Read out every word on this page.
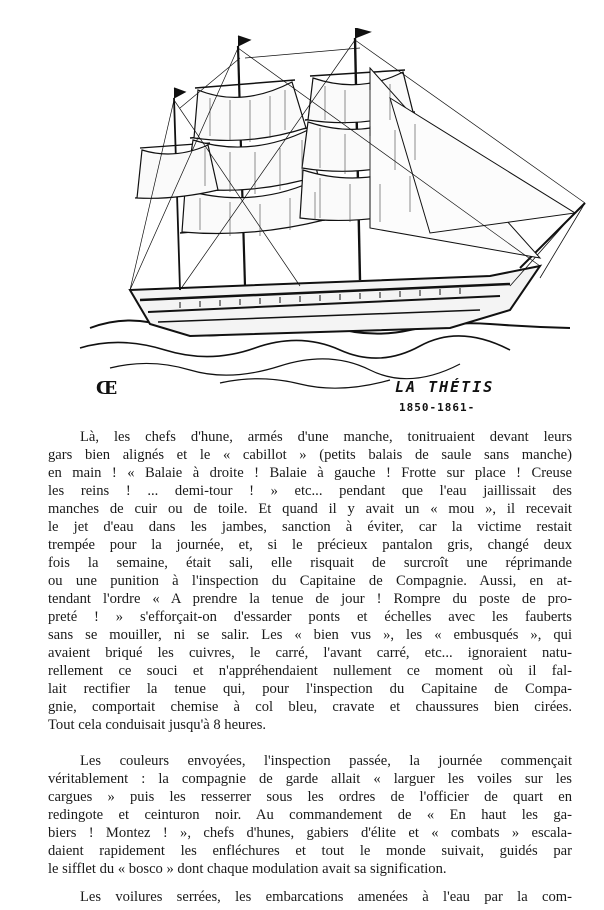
Œ	LA THÉTIS
1850-1861-
Là, les chefs d'hune, armés d'une manche, tonitruaient devant leurs
gars bien alignés et le « cabillot » (petits balais de saule sans manche)
en main ! « Balaie à droite ! Balaie à gauche ! Frotte sur place ! Creuse
les reins ! ... demi-tour ! » etc... pendant que l'eau jaillissait des
manches de cuir ou de toile. Et quand il y avait un « mou », il recevait
le jet d'eau dans les jambes, sanction à éviter, car la victime restait
trempée pour la journée, et, si le précieux pantalon gris, changé deux
fois la semaine, était sali, elle risquait de surcroît une réprimande
ou une punition à l'inspection du Capitaine de Compagnie. Aussi, en at-
tendant l'ordre « A prendre la tenue de jour ! Rompre du poste de pro-
preté ! » s'efforçait-on d'essarder ponts et échelles avec les fauberts
sans se mouiller, ni se salir. Les « bien vus », les « embusqués », qui
avaient briqué les cuivres, le carré, l'avant carré, etc... ignoraient natu-
rellement ce souci et n'appréhendaient nullement ce moment où il fal-
lait rectifier la tenue qui, pour l'inspection du Capitaine de Compa-
gnie, comportait chemise à col bleu, cravate et chaussures bien cirées.
Tout cela conduisait jusqu'à 8 heures.
Les couleurs envoyées, l'inspection passée, la journée commençait
véritablement : la compagnie de garde allait « larguer les voiles sur les
cargues » puis les resserrer sous les ordres de l'officier de quart en
redingote et ceinturon noir. Au commandement de « En haut les ga-
biers ! Montez ! », chefs d'hunes, gabiers d'élite et « combats » escala-
daient rapidement les enfléchures et tout le monde suivait, guidés par
le sifflet du « bosco » dont chaque modulation avait sa signification.
Les voilures serrées, les embarcations amenées à l'eau par la com-
